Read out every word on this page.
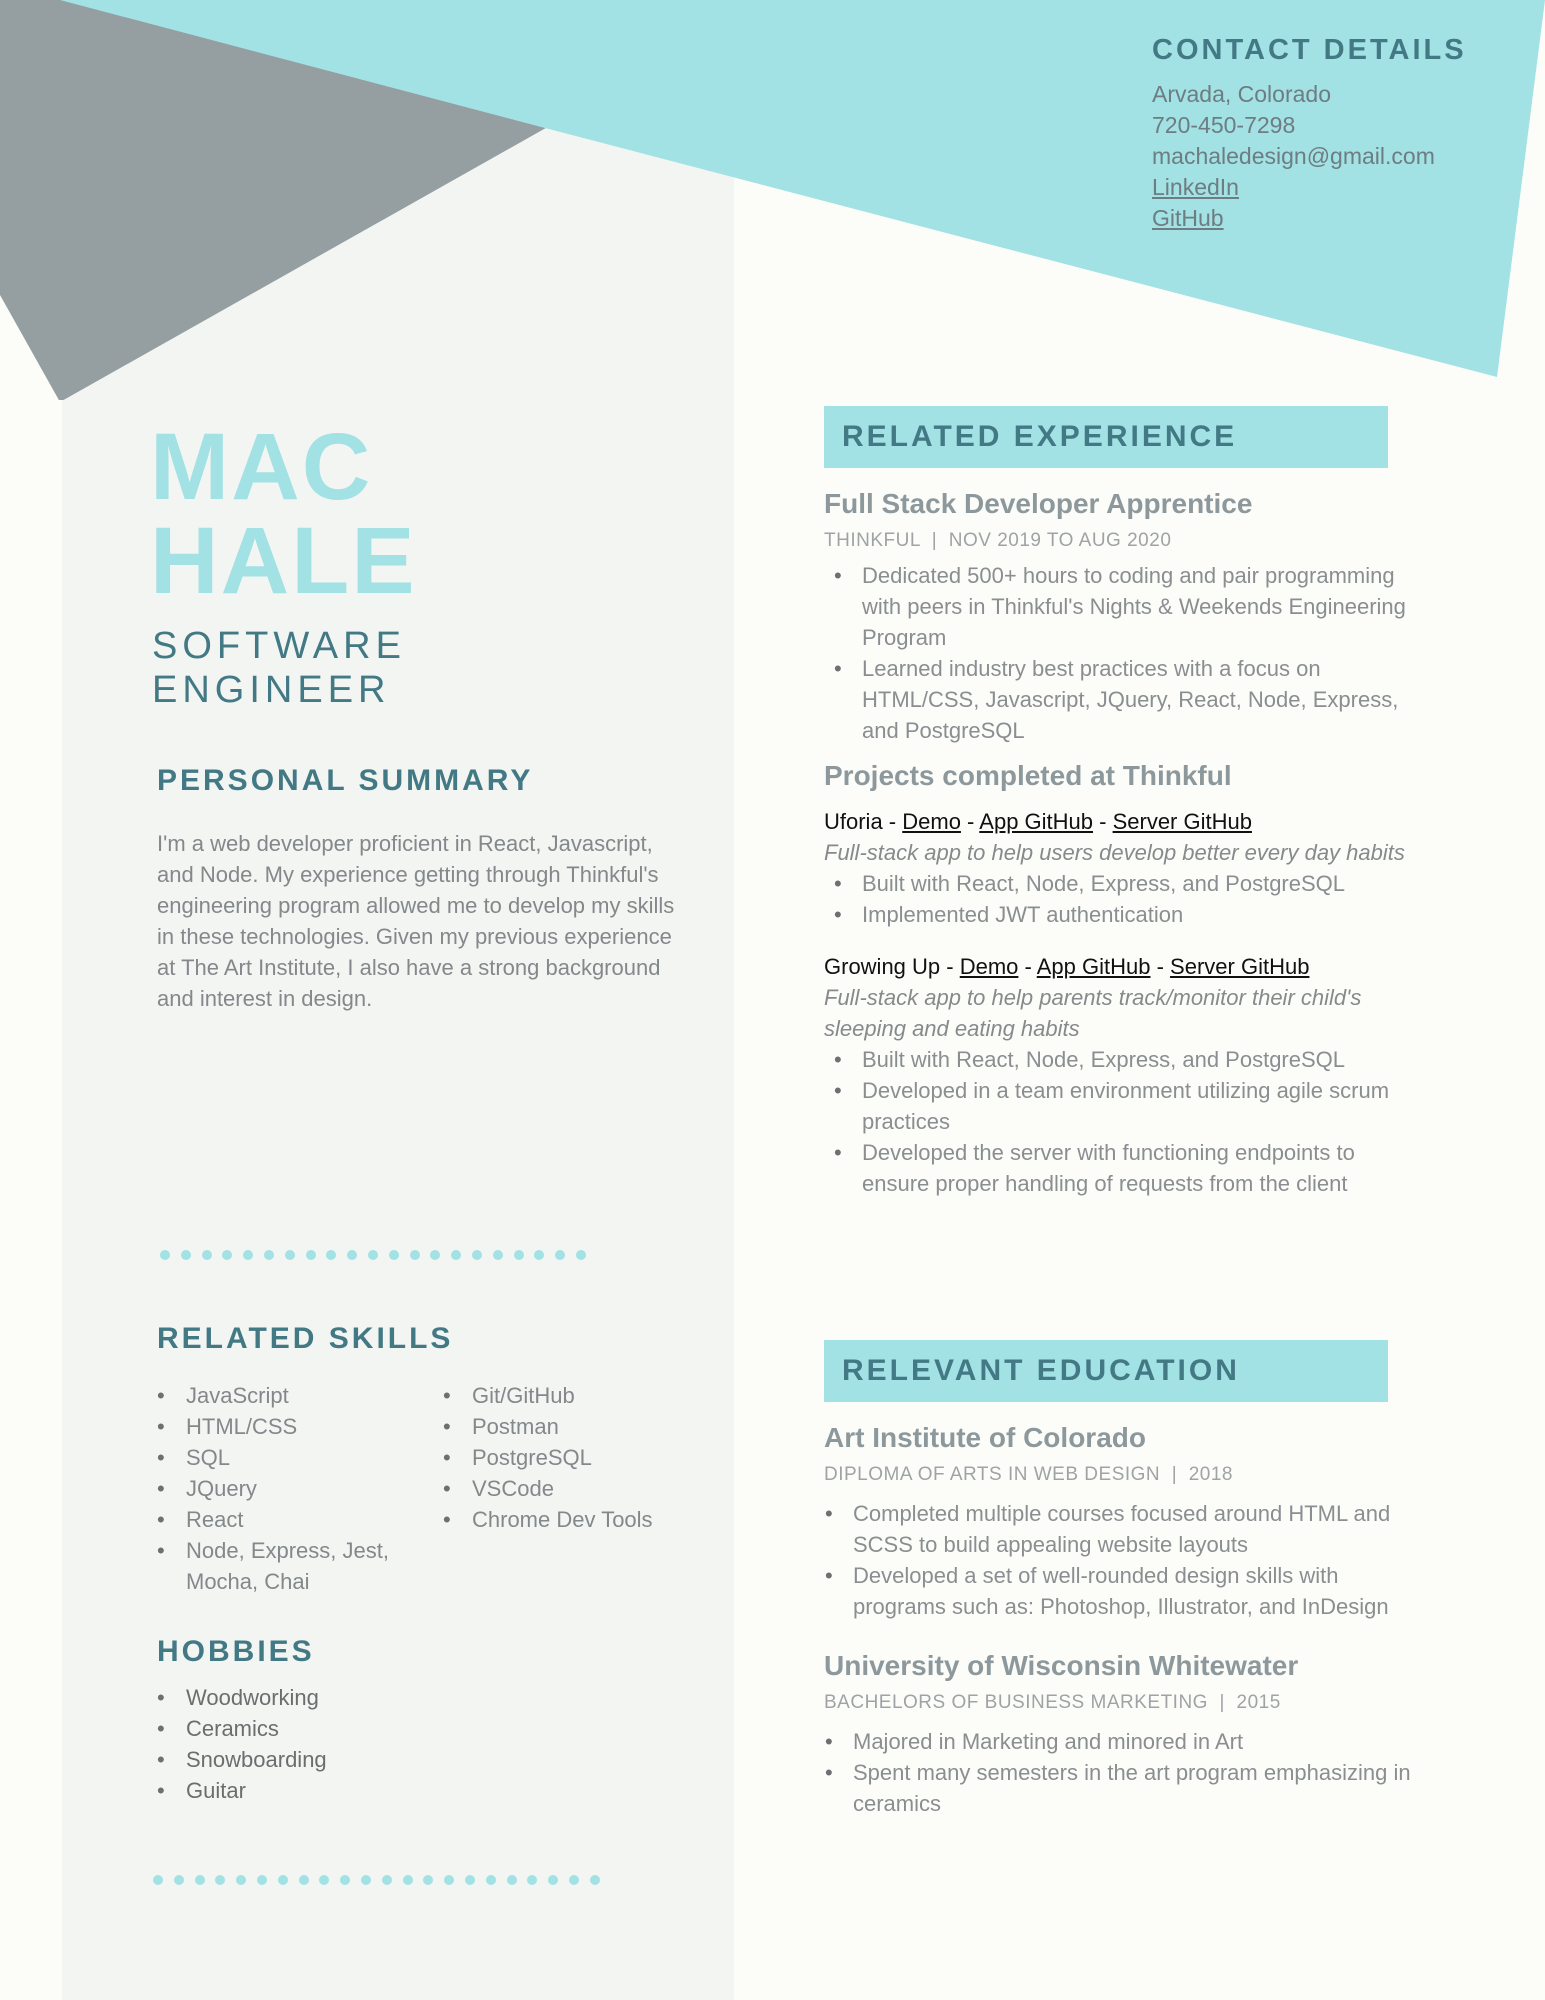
CONTACT DETAILS
Arvada, Colorado
720-450-7298
machaledesign@gmail.com
LinkedIn
GitHub
MAC
HALE
SOFTWARE
ENGINEER
PERSONAL SUMMARY
I'm a web developer proficient in React, Javascript, and Node. My experience getting through Thinkful's engineering program allowed me to develop my skills in these technologies. Given my previous experience at The Art Institute, I also have a strong background and interest in design.
RELATED SKILLS
• JavaScript
• HTML/CSS
• SQL
• JQuery
• React
• Node, Express, Jest, Mocha, Chai
• Git/GitHub
• Postman
• PostgreSQL
• VSCode
• Chrome Dev Tools
HOBBIES
• Woodworking
• Ceramics
• Snowboarding
• Guitar
RELATED EXPERIENCE
Full Stack Developer Apprentice
THINKFUL  |  NOV 2019 TO AUG 2020
• Dedicated 500+ hours to coding and pair programming with peers in Thinkful's Nights & Weekends Engineering Program
• Learned industry best practices with a focus on HTML/CSS, Javascript, JQuery, React, Node, Express, and PostgreSQL
Projects completed at Thinkful
Uforia - Demo - App GitHub - Server GitHub
Full-stack app to help users develop better every day habits
• Built with React, Node, Express, and PostgreSQL
• Implemented JWT authentication
Growing Up - Demo - App GitHub - Server GitHub
Full-stack app to help parents track/monitor their child's sleeping and eating habits
• Built with React, Node, Express, and PostgreSQL
• Developed in a team environment utilizing agile scrum practices
• Developed the server with functioning endpoints to ensure proper handling of requests from the client
RELEVANT EDUCATION
Art Institute of Colorado
DIPLOMA OF ARTS IN WEB DESIGN  |  2018
• Completed multiple courses focused around HTML and SCSS to build appealing website layouts
• Developed a set of well-rounded design skills with programs such as: Photoshop, Illustrator, and InDesign
University of Wisconsin Whitewater
BACHELORS OF BUSINESS MARKETING  |  2015
• Majored in Marketing and minored in Art
• Spent many semesters in the art program emphasizing in ceramics
